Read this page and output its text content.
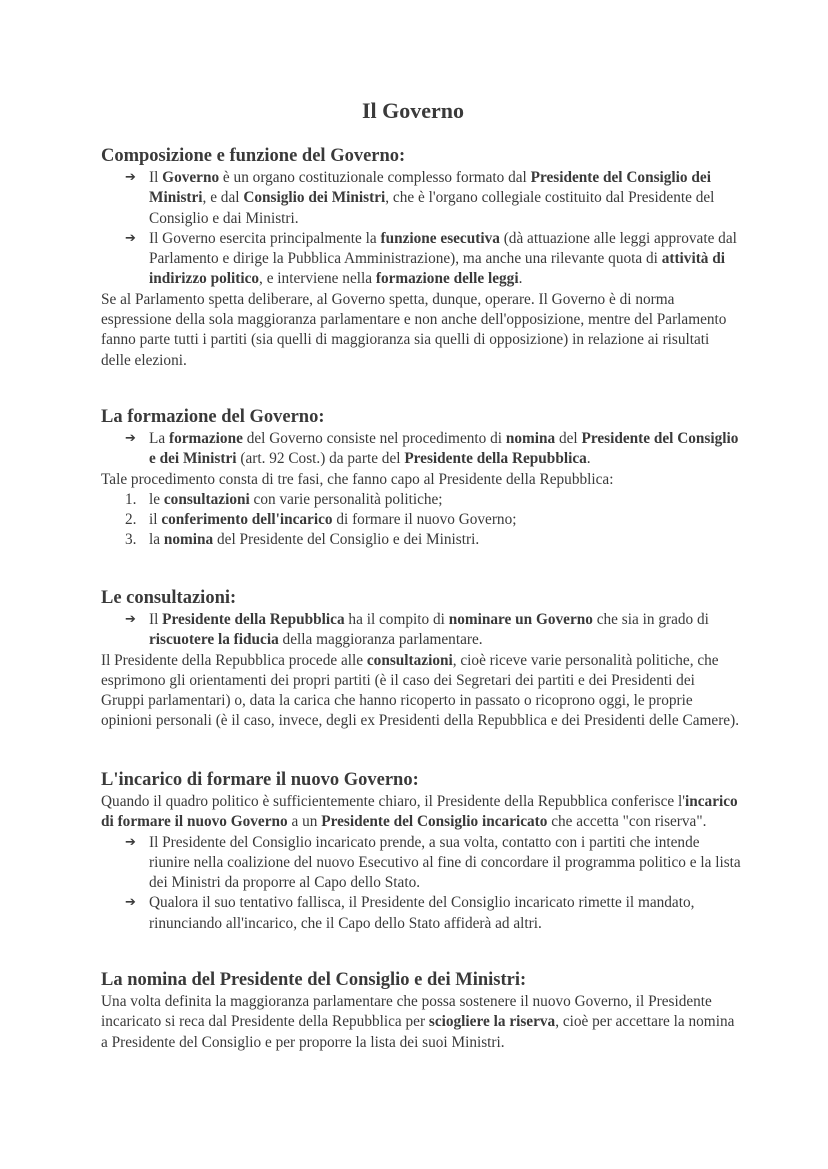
Il Governo
Composizione e funzione del Governo:
➔ Il Governo è un organo costituzionale complesso formato dal Presidente del Consiglio dei Ministri, e dal Consiglio dei Ministri, che è l'organo collegiale costituito dal Presidente del Consiglio e dai Ministri.
➔ Il Governo esercita principalmente la funzione esecutiva (dà attuazione alle leggi approvate dal Parlamento e dirige la Pubblica Amministrazione), ma anche una rilevante quota di attività di indirizzo politico, e interviene nella formazione delle leggi.

Se al Parlamento spetta deliberare, al Governo spetta, dunque, operare. Il Governo è di norma espressione della sola maggioranza parlamentare e non anche dell'opposizione, mentre del Parlamento fanno parte tutti i partiti (sia quelli di maggioranza sia quelli di opposizione) in relazione ai risultati delle elezioni.

La formazione del Governo:
➔ La formazione del Governo consiste nel procedimento di nomina del Presidente del Consiglio e dei Ministri (art. 92 Cost.) da parte del Presidente della Repubblica.

Tale procedimento consta di tre fasi, che fanno capo al Presidente della Repubblica:

1. le consultazioni con varie personalità politiche;
2. il conferimento dell'incarico di formare il nuovo Governo;
3. la nomina del Presidente del Consiglio e dei Ministri.
Le consultazioni:
➔ Il Presidente della Repubblica ha il compito di nominare un Governo che sia in grado di riscuotere la fiducia della maggioranza parlamentare.

Il Presidente della Repubblica procede alle consultazioni, cioè riceve varie personalità politiche, che esprimono gli orientamenti dei propri partiti (è il caso dei Segretari dei partiti e dei Presidenti dei Gruppi parlamentari) o, data la carica che hanno ricoperto in passato o ricoprono oggi, le proprie opinioni personali (è il caso, invece, degli ex Presidenti della Repubblica e dei Presidenti delle Camere).

L'incarico di formare il nuovo Governo:

Quando il quadro politico è sufficientemente chiaro, il Presidente della Repubblica conferisce l'incarico di formare il nuovo Governo a un Presidente del Consiglio incaricato che accetta "con riserva".

➔ Il Presidente del Consiglio incaricato prende, a sua volta, contatto con i partiti che intende riunire nella coalizione del nuovo Esecutivo al fine di concordare il programma politico e la lista dei Ministri da proporre al Capo dello Stato.
➔ Qualora il suo tentativo fallisca, il Presidente del Consiglio incaricato rimette il mandato, rinunciando all'incarico, che il Capo dello Stato affiderà ad altri.
La nomina del Presidente del Consiglio e dei Ministri:

Una volta definita la maggioranza parlamentare che possa sostenere il nuovo Governo, il Presidente incaricato si reca dal Presidente della Repubblica per sciogliere la riserva, cioè per accettare la nomina a Presidente del Consiglio e per proporre la lista dei suoi Ministri.
